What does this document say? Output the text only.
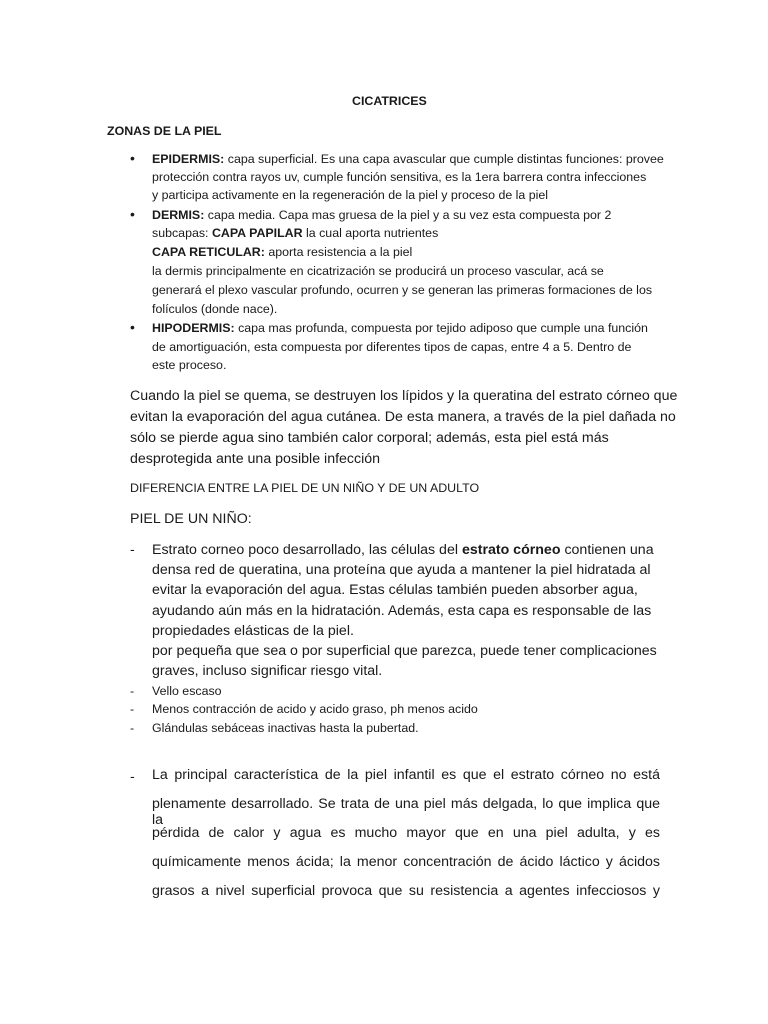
CICATRICES
ZONAS DE LA PIEL
• EPIDERMIS: capa superficial. Es una capa avascular que cumple distintas funciones: provee
protección contra rayos uv, cumple función sensitiva, es la 1era barrera contra infecciones
y participa activamente en la regeneración de la piel y proceso de la piel
• DERMIS: capa media. Capa mas gruesa de la piel y a su vez esta compuesta por 2
subcapas: CAPA PAPILAR la cual aporta nutrientes
CAPA RETICULAR: aporta resistencia a la piel
la dermis principalmente en cicatrización se producirá un proceso vascular, acá se
generará el plexo vascular profundo, ocurren y se generan las primeras formaciones de los
folículos (donde nace).
• HIPODERMIS: capa mas profunda, compuesta por tejido adiposo que cumple una función
de amortiguación, esta compuesta por diferentes tipos de capas, entre 4 a 5. Dentro de
este proceso.
Cuando la piel se quema, se destruyen los lípidos y la queratina del estrato córneo que
evitan la evaporación del agua cutánea. De esta manera, a través de la piel dañada no
sólo se pierde agua sino también calor corporal; además, esta piel está más
desprotegida ante una posible infección
DIFERENCIA ENTRE LA PIEL DE UN NIÑO Y DE UN ADULTO
PIEL DE UN NIÑO:
- Estrato corneo poco desarrollado, las células del estrato córneo contienen una
densa red de queratina, una proteína que ayuda a mantener la piel hidratada al
evitar la evaporación del agua. Estas células también pueden absorber agua,
ayudando aún más en la hidratación. Además, esta capa es responsable de las
propiedades elásticas de la piel.
por pequeña que sea o por superficial que parezca, puede tener complicaciones
graves, incluso significar riesgo vital.
- Vello escaso
- Menos contracción de acido y acido graso, ph menos acido
- Glándulas sebáceas inactivas hasta la pubertad.
- La principal característica de la piel infantil es que el estrato córneo no está
plenamente desarrollado. Se trata de una piel más delgada, lo que implica que la
pérdida de calor y agua es mucho mayor que en una piel adulta, y es
químicamente menos ácida; la menor concentración de ácido láctico y ácidos
grasos a nivel superficial provoca que su resistencia a agentes infecciosos y
